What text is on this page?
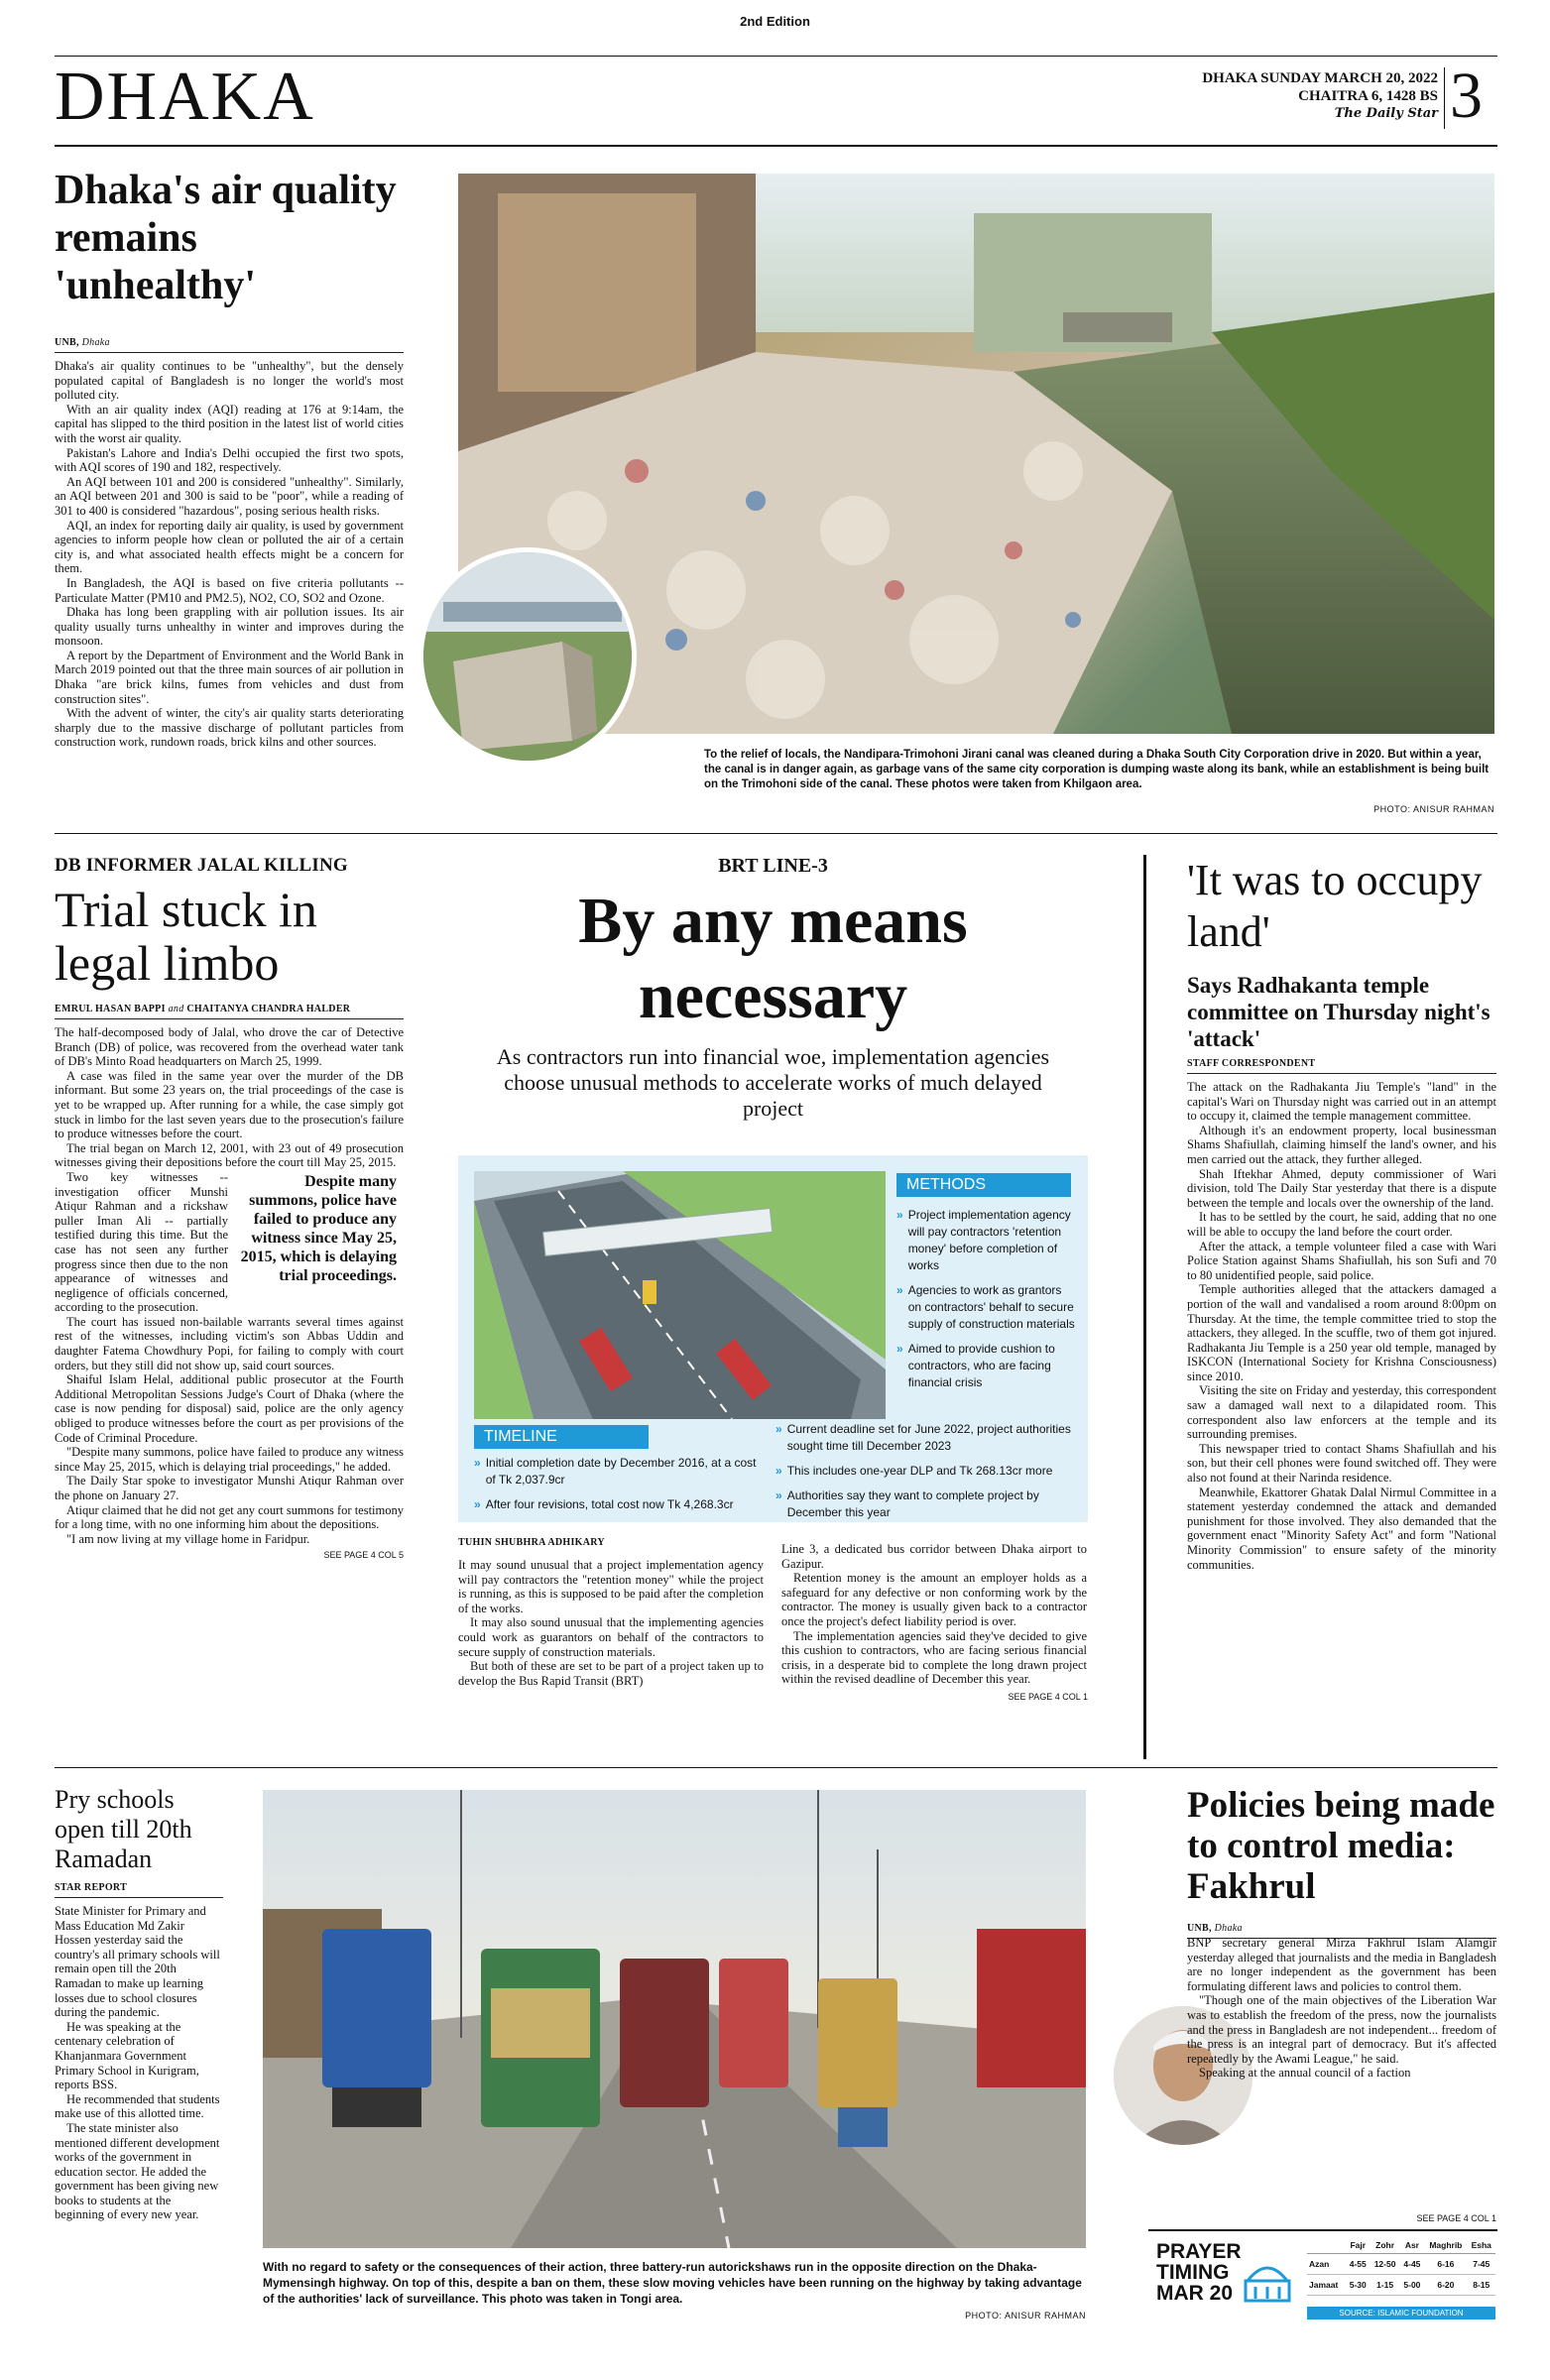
2nd Edition
DHAKA	DHAKA SUNDAY MARCH 20, 2022
CHAITRA 6, 1428 BS
The Daily Star 3
Dhaka's air quality remains 'unhealthy'
UNB, Dhaka

Dhaka's air quality continues to be "unhealthy", but the densely populated capital of Bangladesh is no longer the world's most polluted city.

With an air quality index (AQI) reading at 176 at 9:14am, the capital has slipped to the third position in the latest list of world cities with the worst air quality.

Pakistan's Lahore and India's Delhi occupied the first two spots, with AQI scores of 190 and 182, respectively.

An AQI between 101 and 200 is considered "unhealthy". Similarly, an AQI between 201 and 300 is said to be "poor", while a reading of 301 to 400 is considered "hazardous", posing serious health risks.

AQI, an index for reporting daily air quality, is used by government agencies to inform people how clean or polluted the air of a certain city is, and what associated health effects might be a concern for them.

In Bangladesh, the AQI is based on five criteria pollutants -- Particulate Matter (PM10 and PM2.5), NO2, CO, SO2 and Ozone.

Dhaka has long been grappling with air pollution issues. Its air quality usually turns unhealthy in winter and improves during the monsoon.

A report by the Department of Environment and the World Bank in March 2019 pointed out that the three main sources of air pollution in Dhaka "are brick kilns, fumes from vehicles and dust from construction sites".

With the advent of winter, the city's air quality starts deteriorating sharply due to the massive discharge of pollutant particles from construction work, rundown roads, brick kilns and other sources.

To the relief of locals, the Nandipara-Trimohoni Jirani canal was cleaned during a Dhaka South City Corporation drive in 2020. But within a year, the canal is in danger again, as garbage vans of the same city corporation is dumping waste along its bank, while an establishment is being built on the Trimohoni side of the canal. These photos were taken from Khilgaon area.
PHOTO: ANISUR RAHMAN
DB INFORMER JALAL KILLING
Trial stuck in legal limbo
EMRUL HASAN BAPPI and CHAITANYA CHANDRA HALDER

The half-decomposed body of Jalal, who drove the car of Detective Branch (DB) of police, was recovered from the overhead water tank of DB's Minto Road headquarters on March 25, 1999.

A case was filed in the same year over the murder of the DB informant. But some 23 years on, the trial proceedings of the case is yet to be wrapped up. After running for a while, the case simply got stuck in limbo for the last seven years due to the prosecution's failure to produce witnesses before the court.

The trial began on March 12, 2001, with 23 out of 49 prosecution witnesses giving their depositions before the court till May 25, 2015.

Two key witnesses -- investigation officer Munshi Atiqur Rahman and a rickshaw puller Iman Ali -- partially testified during this time. But the case has not seen any further progress since then due to the non appearance of witnesses and negligence of officials concerned, according to the prosecution.

Despite many summons, police have failed to produce any witness since May 25, 2015, which is delaying trial proceedings.

The court has issued non-bailable warrants several times against rest of the witnesses, including victim's son Abbas Uddin and daughter Fatema Chowdhury Popi, for failing to comply with court orders, but they still did not show up, said court sources.

Shaiful Islam Helal, additional public prosecutor at the Fourth Additional Metropolitan Sessions Judge's Court of Dhaka (where the case is now pending for disposal) said, police are the only agency obliged to produce witnesses before the court as per provisions of the Code of Criminal Procedure.

"Despite many summons, police have failed to produce any witness since May 25, 2015, which is delaying trial proceedings," he added.

The Daily Star spoke to investigator Munshi Atiqur Rahman over the phone on January 27.

Atiqur claimed that he did not get any court summons for testimony for a long time, with no one informing him about the depositions.

"I am now living at my village home in Faridpur.

SEE PAGE 4 COL 5
BRT LINE-3
By any means necessary
As contractors run into financial woe, implementation agencies choose unusual methods to accelerate works of much delayed project
METHODS
» Project implementation agency will pay contractors 'retention money' before completion of works
» Agencies to work as grantors on contractors' behalf to secure supply of construction materials
» Aimed to provide cushion to contractors, who are facing financial crisis
TIMELINE
» Initial completion date by December 2016, at a cost of Tk 2,037.9cr
» After four revisions, total cost now Tk 4,268.3cr
» Current deadline set for June 2022, project authorities sought time till December 2023
» This includes one-year DLP and Tk 268.13cr more
» Authorities say they want to complete project by December this year
TUHIN SHUBHRA ADHIKARY

It may sound unusual that a project implementation agency will pay contractors the "retention money" while the project is running, as this is supposed to be paid after the completion of the works.

It may also sound unusual that the implementing agencies could work as guarantors on behalf of the contractors to secure supply of construction materials.

But both of these are set to be part of a project taken up to develop the Bus Rapid Transit (BRT)

Line 3, a dedicated bus corridor between Dhaka airport to Gazipur.

Retention money is the amount an employer holds as a safeguard for any defective or non conforming work by the contractor. The money is usually given back to a contractor once the project's defect liability period is over.

The implementation agencies said they've decided to give this cushion to contractors, who are facing serious financial crisis, in a desperate bid to complete the long drawn project within the revised deadline of December this year.

SEE PAGE 4 COL 1
'It was to occupy land'
Says Radhakanta temple committee on Thursday night's 'attack'
STAFF CORRESPONDENT

The attack on the Radhakanta Jiu Temple's "land" in the capital's Wari on Thursday night was carried out in an attempt to occupy it, claimed the temple management committee.

Although it's an endowment property, local businessman Shams Shafiullah, claiming himself the land's owner, and his men carried out the attack, they further alleged.

Shah Iftekhar Ahmed, deputy commissioner of Wari division, told The Daily Star yesterday that there is a dispute between the temple and locals over the ownership of the land.

It has to be settled by the court, he said, adding that no one will be able to occupy the land before the court order.

After the attack, a temple volunteer filed a case with Wari Police Station against Shams Shafiullah, his son Sufi and 70 to 80 unidentified people, said police.

Temple authorities alleged that the attackers damaged a portion of the wall and vandalised a room around 8:00pm on Thursday. At the time, the temple committee tried to stop the attackers, they alleged. In the scuffle, two of them got injured. Radhakanta Jiu Temple is a 250 year old temple, managed by ISKCON (International Society for Krishna Consciousness) since 2010.

Visiting the site on Friday and yesterday, this correspondent saw a damaged wall next to a dilapidated room. This correspondent also law enforcers at the temple and its surrounding premises.

This newspaper tried to contact Shams Shafiullah and his son, but their cell phones were found switched off. They were also not found at their Narinda residence.

Meanwhile, Ekattorer Ghatak Dalal Nirmul Committee in a statement yesterday condemned the attack and demanded punishment for those involved. They also demanded that the government enact "Minority Safety Act" and form "National Minority Commission" to ensure safety of the minority communities.

Pry schools open till 20th Ramadan
STAR REPORT

State Minister for Primary and Mass Education Md Zakir Hossen yesterday said the country's all primary schools will remain open till the 20th Ramadan to make up learning losses due to school closures during the pandemic.

He was speaking at the centenary celebration of Khanjanmara Government Primary School in Kurigram, reports BSS.

He recommended that students make use of this allotted time.

The state minister also mentioned different development works of the government in education sector. He added the government has been giving new books to students at the beginning of every new year.

With no regard to safety or the consequences of their action, three battery-run autorickshaws run in the opposite direction on the Dhaka-Mymensingh highway. On top of this, despite a ban on them, these slow moving vehicles have been running on the highway by taking advantage of the authorities' lack of surveillance. This photo was taken in Tongi area.
PHOTO: ANISUR RAHMAN
Policies being made to control media: Fakhrul
UNB, Dhaka

BNP secretary general Mirza Fakhrul Islam Alamgir yesterday alleged that journalists and the media in Bangladesh are no longer independent as the government has been formulating different laws and policies to control them.

"Though one of the main objectives of the Liberation War was to establish the freedom of the press, now the journalists and the press in Bangladesh are not independent... freedom of the press is an integral part of democracy. But it's affected repeatedly by the Awami League," he said.

Speaking at the annual council of a faction

SEE PAGE 4 COL 1
PRAYER
TIMING
MAR 20
	Fajr	Zohr	Asr	Maghrib	Esha
Azan	4-55	12-50	4-45	6-16	7-45
Jamaat	5-30	1-15	5-00	6-20	8-15
SOURCE: ISLAMIC FOUNDATION
